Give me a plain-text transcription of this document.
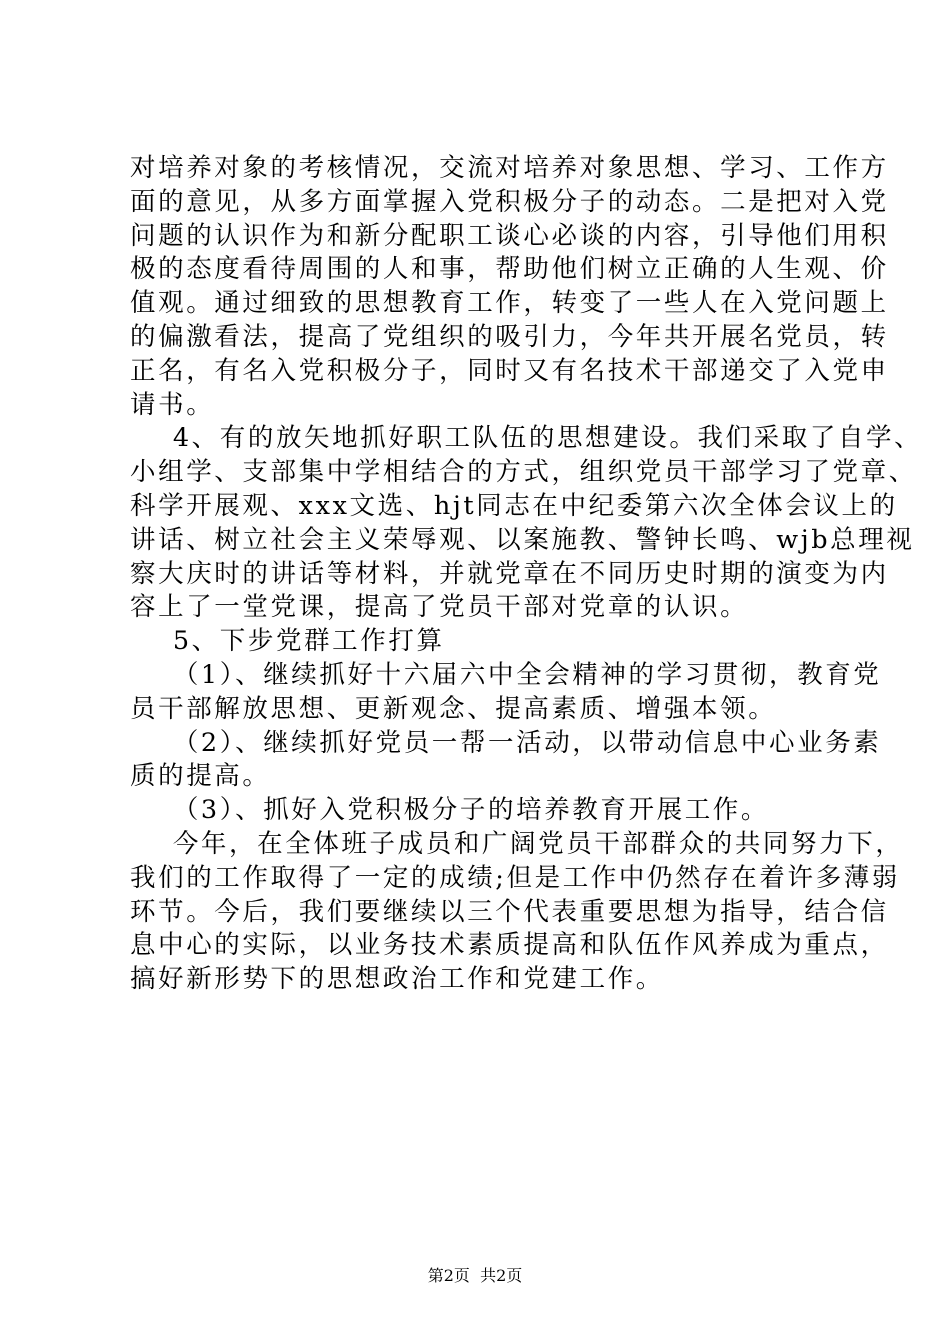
对培养对象的考核情况，交流对培养对象思想、学习、工作方
面的意见，从多方面掌握入党积极分子的动态。二是把对入党
问题的认识作为和新分配职工谈心必谈的内容，引导他们用积
极的态度看待周围的人和事，帮助他们树立正确的人生观、价
值观。通过细致的思想教育工作，转变了一些人在入党问题上
的偏激看法，提高了党组织的吸引力，今年共开展名党员，转
正名，有名入党积极分子，同时又有名技术干部递交了入党申
请书。
4、有的放矢地抓好职工队伍的思想建设。我们采取了自学、
小组学、支部集中学相结合的方式，组织党员干部学习了党章、
科学开展观、xxx文选、hjt同志在中纪委第六次全体会议上的
讲话、树立社会主义荣辱观、以案施教、警钟长鸣、wjb总理视
察大庆时的讲话等材料，并就党章在不同历史时期的演变为内
容上了一堂党课，提高了党员干部对党章的认识。
5、下步党群工作打算
（1）、继续抓好十六届六中全会精神的学习贯彻，教育党
员干部解放思想、更新观念、提高素质、增强本领。
（2）、继续抓好党员一帮一活动，以带动信息中心业务素
质的提高。
（3）、抓好入党积极分子的培养教育开展工作。
今年，在全体班子成员和广阔党员干部群众的共同努力下，
我们的工作取得了一定的成绩;但是工作中仍然存在着许多薄弱
环节。今后，我们要继续以三个代表重要思想为指导，结合信
息中心的实际，以业务技术素质提高和队伍作风养成为重点，
搞好新形势下的思想政治工作和党建工作。
第2页  共2页
